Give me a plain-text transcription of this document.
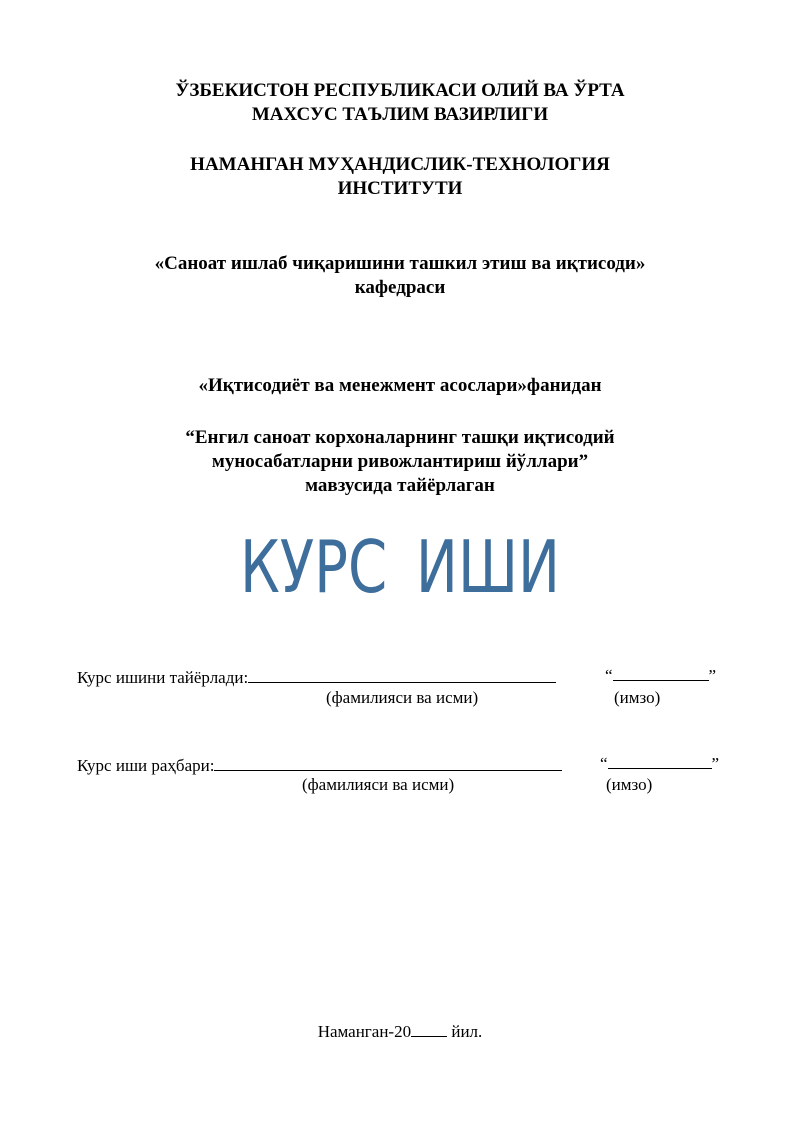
ЎЗБЕКИСТОН РЕСПУБЛИКАСИ ОЛИЙ ВА ЎРТА
МАХСУС ТАЪЛИМ ВАЗИРЛИГИ
НАМАНГАН МУҲАНДИСЛИК-ТЕХНОЛОГИЯ
ИНСТИТУТИ
«Саноат ишлаб чиқаришини ташкил этиш ва иқтисоди»
кафедраси
«Иқтисодиёт ва менежмент асослари»фанидан
“Енгил саноат корхоналарнинг ташқи иқтисодий
муносабатларни ривожлантириш йўллари”
мавзусида тайёрлаган
КУРС ИШИ
Курс ишини тайёрлади:	“	”
(фамилияси ва исми)	(имзо)
Курс иши раҳбари:	“	”
(фамилияси ва исми)	(имзо)
Наманган-20 йил.
